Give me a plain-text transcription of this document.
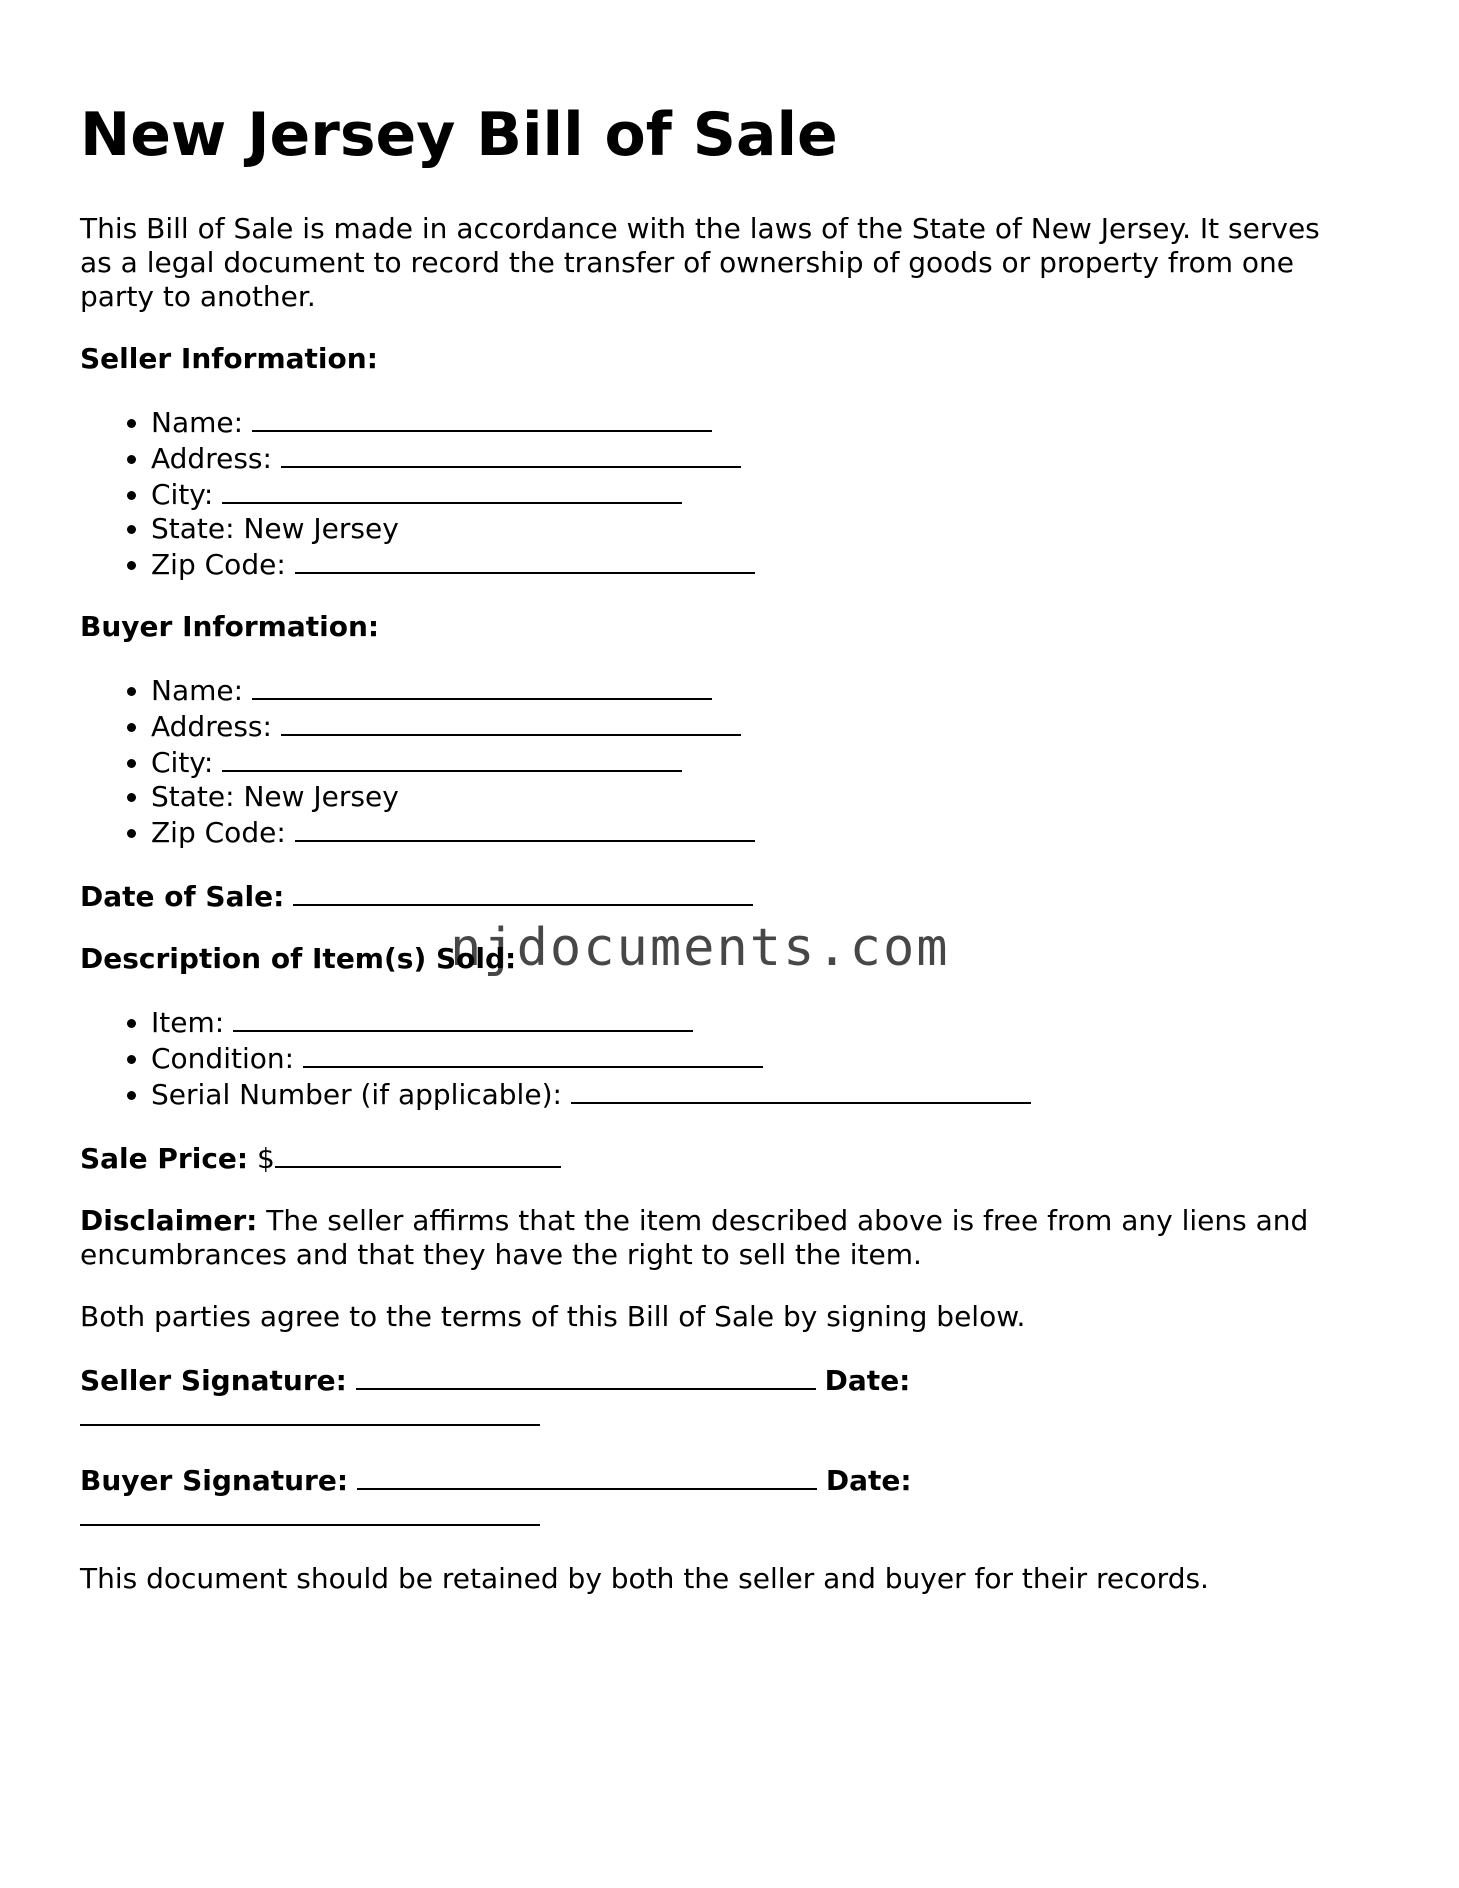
New Jersey Bill of Sale

This Bill of Sale is made in accordance with the laws of the State of New Jersey. It serves as a legal document to record the transfer of ownership of goods or property from one party to another.

Seller Information:

• Name:
• Address:
• City:
• State: New Jersey
• Zip Code:

Buyer Information:

• Name:
• Address:
• City:
• State: New Jersey
• Zip Code:

Date of Sale:

Description of Item(s) Sold:

• Item:
• Condition:
• Serial Number (if applicable):

Sale Price: $

Disclaimer: The seller affirms that the item described above is free from any liens and encumbrances and that they have the right to sell the item.

Both parties agree to the terms of this Bill of Sale by signing below.

Seller Signature:	Date:

Buyer Signature:	Date:

This document should be retained by both the seller and buyer for their records.

njdocuments.com
